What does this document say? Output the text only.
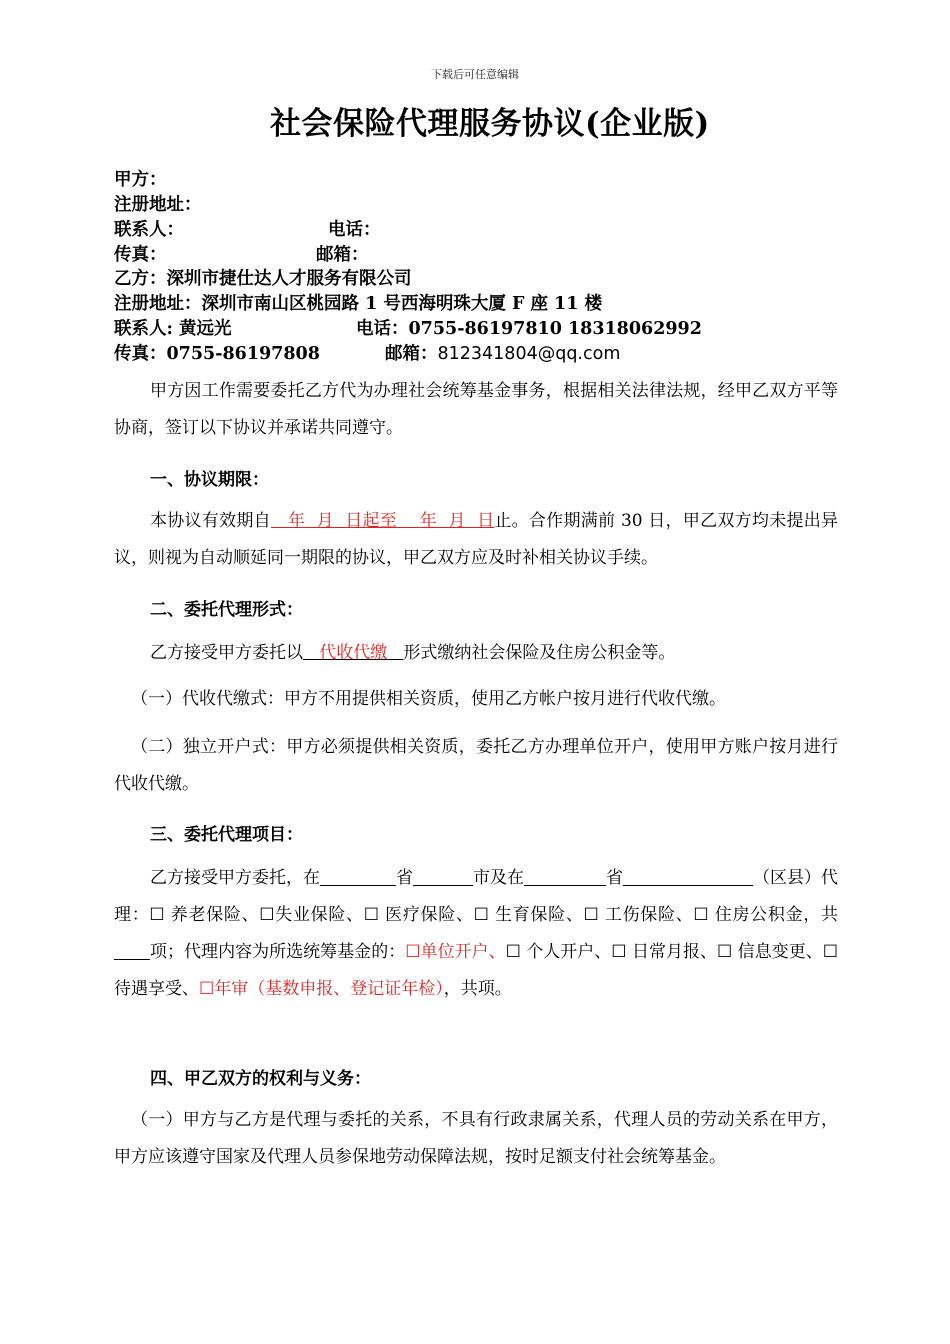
下载后可任意编辑
社会保险代理服务协议(企业版)
甲方：
注册地址：
联系人：	电话：
传真：	邮箱：
乙方：深圳市捷仕达人才服务有限公司
注册地址：深圳市南山区桃园路 1 号西海明珠大厦 F 座 11 楼
联系人: 黄远光	电话：0755-86197810 18318062992
传真：0755-86197808	邮箱：812341804@qq.com
甲方因工作需要委托乙方代为办理社会统筹基金事务，根据相关法律法规，经甲乙双方平等协商，签订以下协议并承诺共同遵守。
一、协议期限：
本协议有效期自 年 月 日起至 年 月 日止。合作期满前 30 日，甲乙双方均未提出异议，则视为自动顺延同一期限的协议，甲乙双方应及时补相关协议手续。
二、委托代理形式：
乙方接受甲方委托以 代收代缴 形式缴纳社会保险及住房公积金等。
（一）代收代缴式：甲方不用提供相关资质，使用乙方帐户按月进行代收代缴。
（二）独立开户式：甲方必须提供相关资质，委托乙方办理单位开户，使用甲方账户按月进行代收代缴。
三、委托代理项目：
乙方接受甲方委托，在	省	市及在	省	（区县）代理：☐ 养老保险、☐失业保险、☐ 医疗保险、☐ 生育保险、☐ 工伤保险、☐ 住房公积金，共项；代理内容为所选统筹基金的：☐单位开户、☐ 个人开户、☐ 日常月报、☐ 信息变更、☐ 待遇享受、☐年审（基数申报、登记证年检），共项。
四、甲乙双方的权利与义务：
（一）甲方与乙方是代理与委托的关系，不具有行政隶属关系，代理人员的劳动关系在甲方，甲方应该遵守国家及代理人员参保地劳动保障法规，按时足额支付社会统筹基金。
